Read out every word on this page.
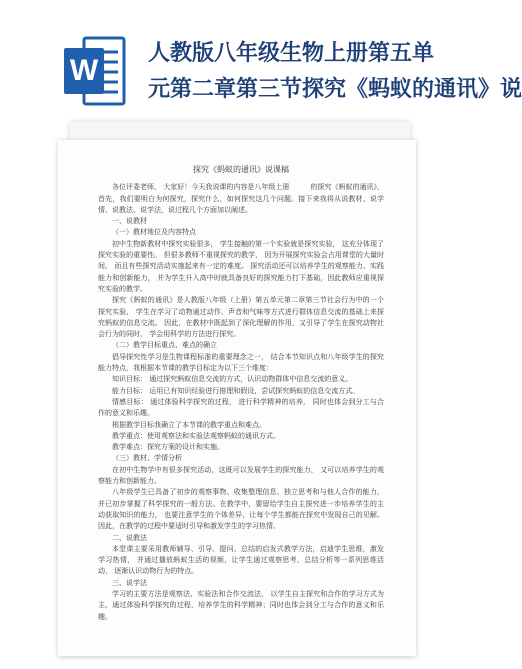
W
人教版八年级生物上册第五单
元第二章第三节探究《蚂蚁的通讯》说
探究《蚂蚁的通讯》说课稿

各位评委老师， 大家好！今天我说课的内容是八年级上册　　　的探究《蚂蚁的通讯》，首先，我们要明白为何探究，探究什么，如何探究这几个问题。接下来我将从说教材、说学情、说教法、说学法，说过程几个方面加以阐述。

一、说教材

（一）教材地位及内容特点

初中生物新教材中探究实验很多， 学生接触的第一个实验就是探究实验， 这充分体现了探究实验的重要性。 但很多教师不重视探究的教学， 因为开展探究实验会占用课堂的大量时间， 而且有些探究活动实施起来有一定的难度。 探究活动还可以培养学生的观察能力、实践能力和创新能力， 并为学生升入高中时就具备良好的探究能力打下基础，因此教师应重视探究实验的教学。

探究《蚂蚁的通讯》是人教版八年级（上册）第五单元第二章第三节社会行为中的一个探究实验， 学生在学习了动物通过动作、声音和气味等方式进行群体信息交流的基础上来探究蚂蚁的信息交流。 因此，在教材中既起到了深化理解的作用，又引导了学生在探究动物社会行为的同时， 学会用科学的方法进行探究。

（二）教学目标重点、难点的确立

倡导探究性学习是生物课程标准的重要理念之一， 结合本节知识点和八年级学生的探究能力特点，我根据本节课的教学目标定为以下三个维度：

知识目标： 通过探究蚂蚁信息交流的方式，认识动物群体中信息交流的意义。

能力目标： 运用已有知识经验进行推理和假设，尝试探究蚂蚁的信息交流方式。

情感目标： 通过体验科学探究的过程， 进行科学精神的培养， 同时也体会到分工与合作的意义和乐趣。

根据教学目标我确立了本节课的教学重点和难点。

教学重点：使用观察法和实验法观察蚂蚁的通讯方式。

教学难点：探究方案的设计和实施。

（三）教材、学情分析

在初中生物学中有很多探究活动，这既可以发展学生的探究能力， 又可以培养学生的观察能力和创新能力。

八年级学生已具备了初步的观察事物、收集整理信息、独立思考和与他人合作的能力，并已初步掌握了科学探究的一般方法。在教学中，要留给学生自主探究进一步培养学生的主动获取知识的能力， 也要注意学生的个体差异，让每个学生都能在探究中发现自己的见解。因此，在教学的过程中要适时引导和激发学生的学习热情。

二、说教法

本堂课主要采用教师辅导、引导、提问、总结的启发式教学方法，启迪学生思维，激发学习热情， 并通过播放蚂蚁生活的视频，让学生通过观察思考，总结分析等一系列思维活动， 逐渐认识动物行为的特点。

三、说学法

学习的主要方法是观察法、实验法和合作交流法， 以学生自主探究和合作的学习方式为主，通过体验科学探究的过程，培养学生的科学精神；同时也体会到分工与合作的意义和乐趣。
